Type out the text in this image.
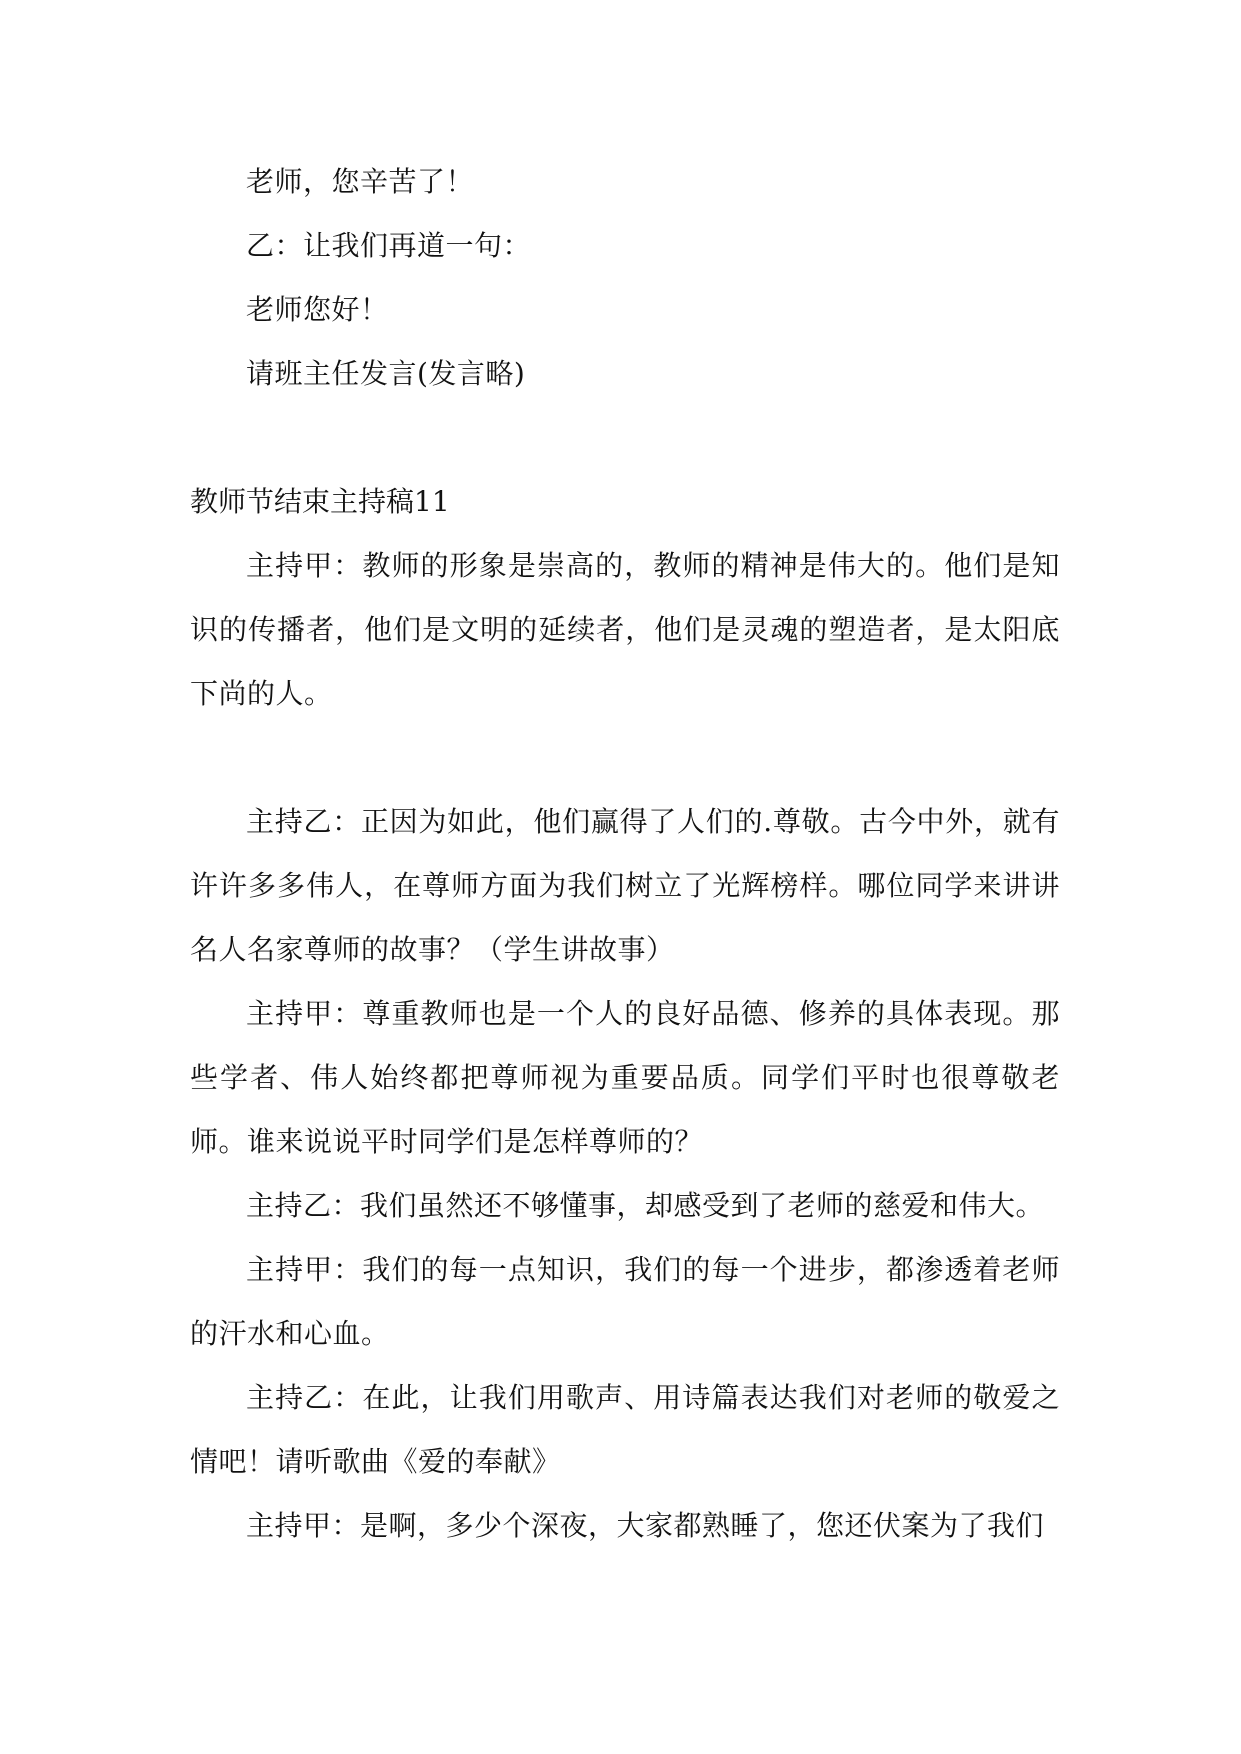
老师，您辛苦了！

乙：让我们再道一句：

老师您好！

请班主任发言(发言略)

教师节结束主持稿11

主持甲：教师的形象是崇高的，教师的精神是伟大的。他们是知识的传播者，他们是文明的延续者，他们是灵魂的塑造者，是太阳底下尚的人。

主持乙：正因为如此，他们赢得了人们的.尊敬。古今中外，就有许许多多伟人，在尊师方面为我们树立了光辉榜样。哪位同学来讲讲名人名家尊师的故事？（学生讲故事）

主持甲：尊重教师也是一个人的良好品德、修养的具体表现。那些学者、伟人始终都把尊师视为重要品质。同学们平时也很尊敬老师。谁来说说平时同学们是怎样尊师的？

主持乙：我们虽然还不够懂事，却感受到了老师的慈爱和伟大。

主持甲：我们的每一点知识，我们的每一个进步，都渗透着老师的汗水和心血。

主持乙：在此，让我们用歌声、用诗篇表达我们对老师的敬爱之情吧！请听歌曲《爱的奉献》

主持甲：是啊，多少个深夜，大家都熟睡了，您还伏案为了我们
